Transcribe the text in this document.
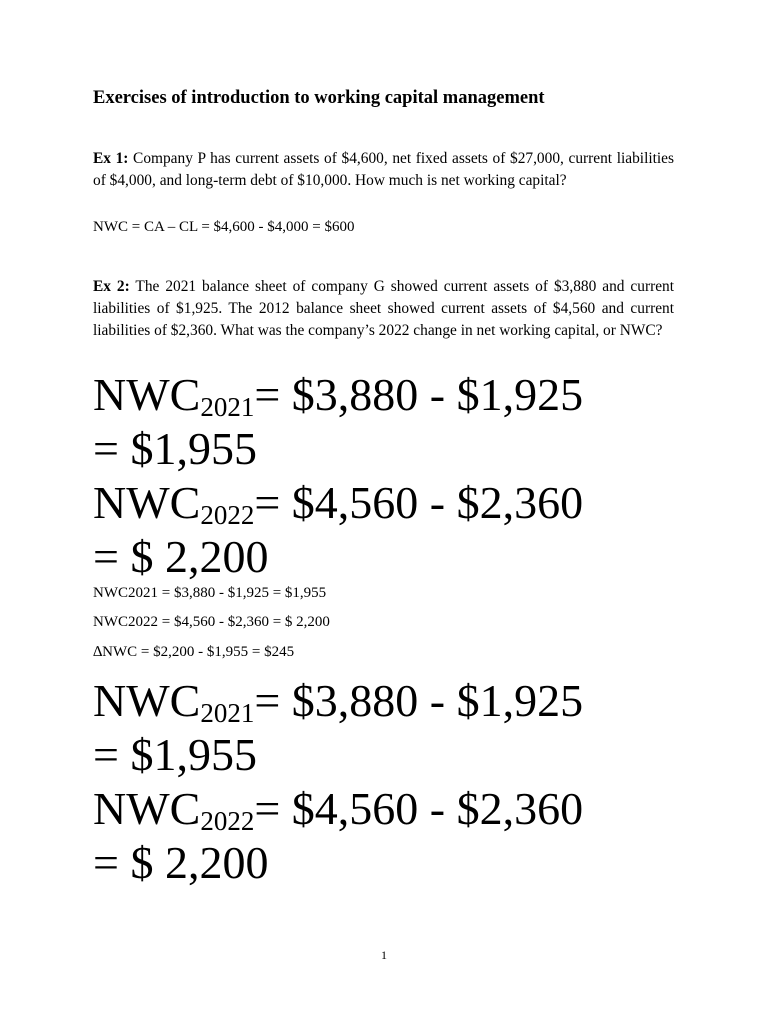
Exercises of introduction to working capital management
Ex 1: Company P has current assets of $4,600, net fixed assets of $27,000, current liabilities of $4,000, and long-term debt of $10,000. How much is net working capital?
NWC = CA – CL = $4,600 - $4,000 = $600
Ex 2: The 2021 balance sheet of company G showed current assets of $3,880 and current liabilities of $1,925. The 2012 balance sheet showed current assets of $4,560 and current liabilities of $2,360. What was the company’s 2022 change in net working capital, or NWC?
$NWC_{2021}=$ $3,880 - $1,925
= $1,955
$NWC_{2022}=$ $4,560 - $2,360
= $ 2,200
NWC2021 = $3,880 - $1,925 = $1,955
NWC2022 = $4,560 - $2,360 = $ 2,200
∆NWC = $2,200 - $1,955 = $245
$NWC_{2021}=$ $3,880 - $1,925
= $1,955
$NWC_{2022}=$ $4,560 - $2,360
= $ 2,200
1
